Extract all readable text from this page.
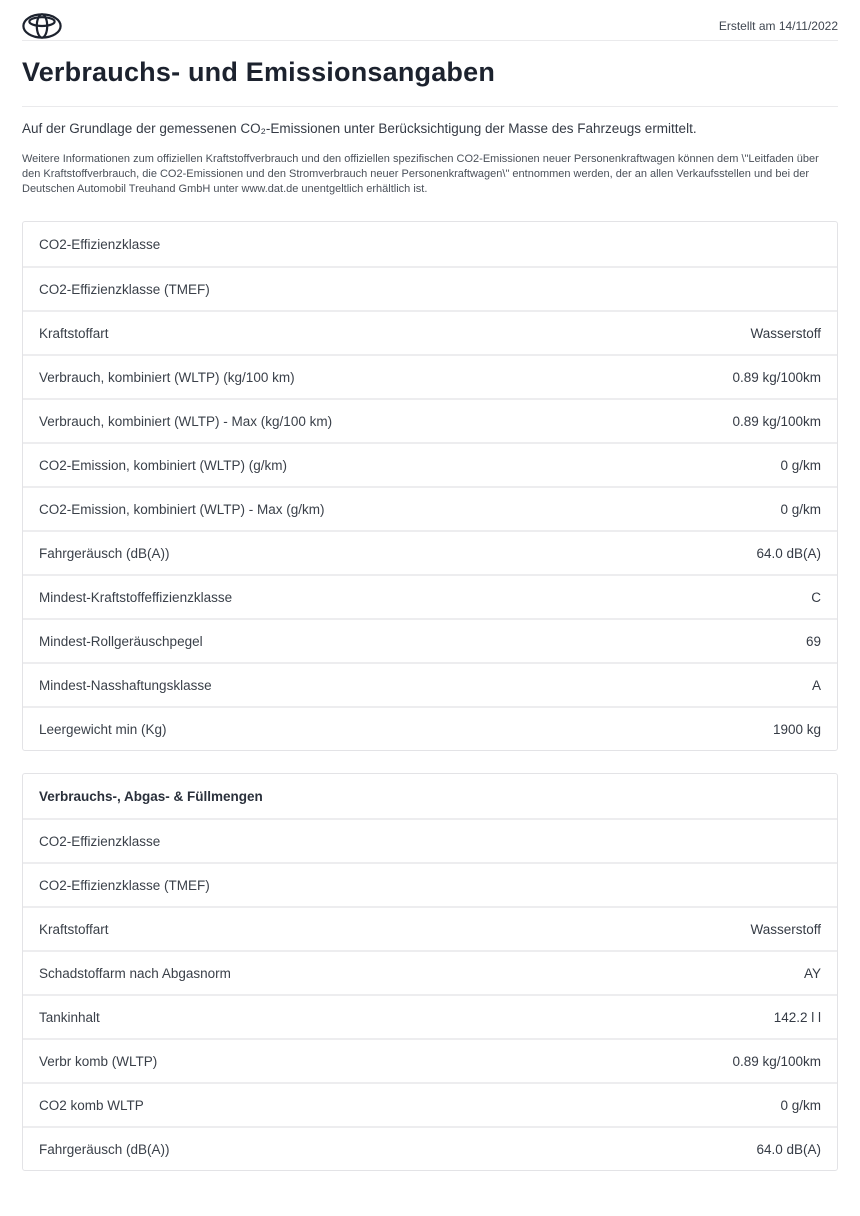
Erstellt am 14/11/2022
Verbrauchs- und Emissionsangaben

Auf der Grundlage der gemessenen CO₂-Emissionen unter Berücksichtigung der Masse des Fahrzeugs ermittelt.

Weitere Informationen zum offiziellen Kraftstoffverbrauch und den offiziellen spezifischen CO2-Emissionen neuer Personenkraftwagen können dem \"Leitfaden über den Kraftstoffverbrauch, die CO2-Emissionen und den Stromverbrauch neuer Personenkraftwagen\" entnommen werden, der an allen Verkaufsstellen und bei der Deutschen Automobil Treuhand GmbH unter www.dat.de unentgeltlich erhältlich ist.

CO2-Effizienzklasse
CO2-Effizienzklasse (TMEF)
Kraftstoffart	Wasserstoff
Verbrauch, kombiniert (WLTP) (kg/100 km)	0.89 kg/100km
Verbrauch, kombiniert (WLTP) - Max (kg/100 km)	0.89 kg/100km
CO2-Emission, kombiniert (WLTP) (g/km)	0 g/km
CO2-Emission, kombiniert (WLTP) - Max (g/km)	0 g/km
Fahrgeräusch (dB(A))	64.0 dB(A)
Mindest-Kraftstoffeffizienzklasse	C
Mindest-Rollgeräuschpegel	69
Mindest-Nasshaftungsklasse	A
Leergewicht min (Kg)	1900 kg
Verbrauchs-, Abgas- & Füllmengen
CO2-Effizienzklasse
CO2-Effizienzklasse (TMEF)
Kraftstoffart	Wasserstoff
Schadstoffarm nach Abgasnorm	AY
Tankinhalt	142.2 l l
Verbr komb (WLTP)	0.89 kg/100km
CO2 komb WLTP	0 g/km
Fahrgeräusch (dB(A))	64.0 dB(A)
